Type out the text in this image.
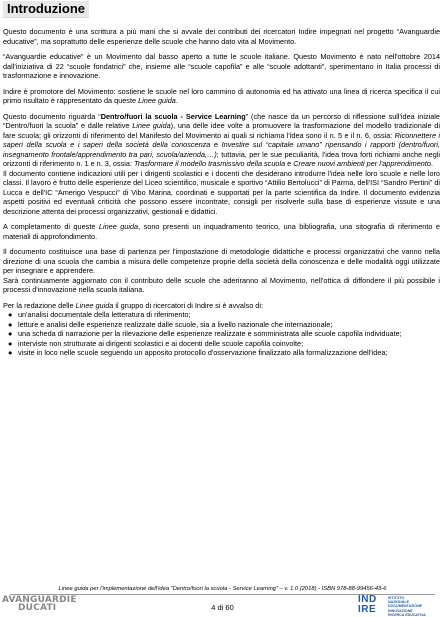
Introduzione

Questo documento è una scrittura a più mani che si avvale dei contributi dei ricercatori Indire impegnati nel progetto “Avanguardie educative”, ma soprattutto delle esperienze delle scuole che hanno dato vita al Movimento.

“Avanguardie educative” è un Movimento dal basso aperto a tutte le scuole italiane. Questo Movimento è nato nell'ottobre 2014 dall'iniziativa di 22 “scuole fondatrici” che, insieme alle “scuole capofila” e alle “scuole adottanti”, sperimentano in Italia processi di trasformazione e innovazione.

Indire è promotore del Movimento: sostiene le scuole nel loro cammino di autonomia ed ha attivato una linea di ricerca specifica il cui primo risultato è rappresentato da queste Linee guida.

Questo documento riguarda “Dentro/fuori la scuola - Service Learning” (che nasce da un percorso di riflessione sull'idea iniziale “Dentro/fuori la scuola” e dalle relative Linee guida), una delle idee volte a promuovere la trasformazione del modello tradizionale di fare scuola; gli orizzonti di riferimento del Manifesto del Movimento ai quali si richiama l'idea sono il n. 5 e il n. 6, ossia: Riconnettere i saperi della scuola e i saperi della società della conoscenza e Investire sul “capitale umano” ripensando i rapporti (dentro/fuori, insegnamento frontale/apprendimento tra pari, scuola/azienda,…); tuttavia, per le sue peculiarità, l'idea trova forti richiami anche negli orizzonti di riferimento n. 1 e n. 3, ossia: Trasformare il modello trasmissivo della scuola e Creare nuovi ambienti per l'apprendimento.

Il documento contiene indicazioni utili per i dirigenti scolastici e i docenti che desiderano introdurre l'idea nelle loro scuole e nelle loro classi. Il lavoro è frutto delle esperienze del Liceo scientifico, musicale e sportivo “Attilio Bertolucci” di Parma, dell'ISI “Sandro Pertini” di Lucca e dell'IC “Amerigo Vespucci” di Vibo Marina, coordinati e supportati per la parte scientifica da Indire. Il documento evidenzia aspetti positivi ed eventuali criticità che possono essere incontrate, consigli per risolverle sulla base di esperienze vissute e una descrizione attenta dei processi organizzativi, gestionali e didattici.

A completamento di queste Linee guida, sono presenti un inquadramento teorico, una bibliografia, una sitografia di riferimento e materiali di approfondimento.

Il documento costituisce una base di partenza per l'impostazione di metodologie didattiche e processi organizzativi che vanno nella direzione di una scuola che cambia a misura delle competenze proprie della società della conoscenza e delle modalità oggi utilizzate per insegnare e apprendere.

Sarà continuamente aggiornato con il contributo delle scuole che aderiranno al Movimento, nell'ottica di diffondere il più possibile i processi d'innovazione nella scuola italiana.

Per la redazione delle Linee guida il gruppo di ricercatori di Indire si è avvalso di:

● un'analisi documentale della letteratura di riferimento;
● letture e analisi delle esperienze realizzate dalle scuole, sia a livello nazionale che internazionale;
● una scheda di narrazione per la rilevazione delle esperienze realizzate e somministrata alle scuole capofila individuate;
● interviste non strutturate ai dirigenti scolastici e ai docenti delle scuole capofila coinvolte;
● visite in loco nelle scuole seguendo un apposito protocollo d'osservazione finalizzato alla formalizzazione dell'idea;
Linee guida per l'implementazione dell'idea “Dentro/fuori la scuola - Service Learning” – v. 1.0 (2018) - ISBN 978-88-99456-43-6
AVANGUARDIE
DUCATI	4 di 60
IND
IRE
ISTITUTO
NAZIONALE
DOCUMENTAZIONE
INNOVAZIONE
RICERCA EDUCATIVA
